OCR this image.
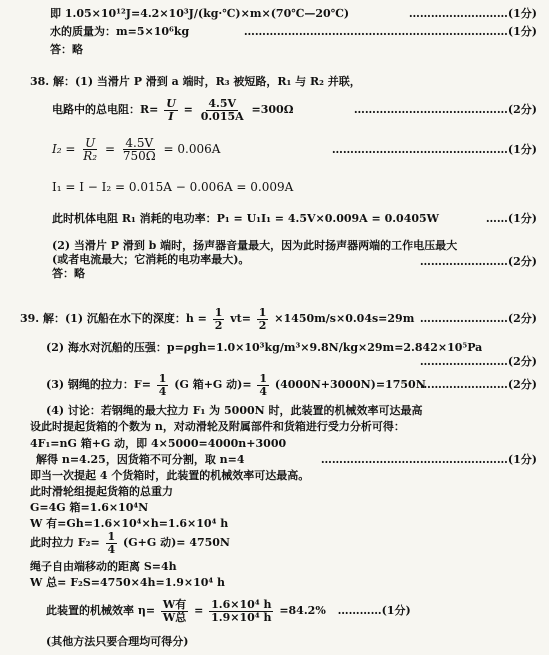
即 1.05×10¹²J=4.2×10³J/(kg·℃)×m×(70℃—20℃)	………………………(1分)
水的质量为：m=5×10⁶kg	………………………………………………………………(1分)
答：略
38. 解：(1) 当滑片 P 滑到 a 端时，R₃ 被短路，R₁ 与 R₂ 并联，
电路中的总电阻：$R= \frac{U}{I} = \frac{4.5V}{0.015A} =300\Omega$	……………………………………(2分)
$I_2 = \frac{U}{\text{R₂}} = \frac{4.5V}{750\Omega} = 0.006A$	…………………………………………(1分)
I₁ = I − I₂ = 0.015A − 0.006A = 0.009A
此时机体电阻 R₁ 消耗的电功率：P₁ = U₁I₁ = 4.5V×0.009A = 0.0405W	……(1分)
(2) 当滑片 P 滑到 b 端时，扬声器音量最大，因为此时扬声器两端的工作电压最大
(或者电流最大；它消耗的电功率最大)。	……………………(2分)
答：略
39. 解：(1) 沉船在水下的深度：$h = \frac{1}{2} vt= \frac{1}{2} \times 1450m/s\times 0.04s=29m$ ……………………(2分)
(2) 海水对沉船的压强：p=ρgh=1.0×10³kg/m³×9.8N/kg×29m=2.842×10⁵Pa
……………………(2分)
(3) 钢绳的拉力：$F= \frac{1}{4} (G$ 箱+G 动)= $\frac{1}{4} (4000N+3000N)=1750N$
……………………(2分)
(4) 讨论：若钢绳的最大拉力 F₁ 为 5000N 时，此装置的机械效率可达最高
设此时提起货箱的个数为 n，对动滑轮及附属部件和货箱进行受力分析可得：
4F₁=nG 箱+G 动，即 4×5000=4000n+3000
解得 n=4.25，因货箱不可分割，取 n=4	……………………………………………(1分)
即当一次提起 4 个货箱时，此装置的机械效率可达最高。
此时滑轮组提起货箱的总重力
G=4G 箱=1.6×10⁴N
W 有=Gh=1.6×10⁴×h=1.6×10⁴ h
此时拉力 $F_2= \frac{1}{4} (G+G$ 动)= 4750N
绳子自由端移动的距离 S=4h
W 总= F₂S=4750×4h=1.9×10⁴ h
此装置的机械效率 $\eta= \frac{\text{W有}}{\text{W总}} = \frac{\text{1.6×10⁴ h}}{\text{1.9×10⁴ h}} =84.2\%$ …………(1分)
(其他方法只要合理均可得分)
